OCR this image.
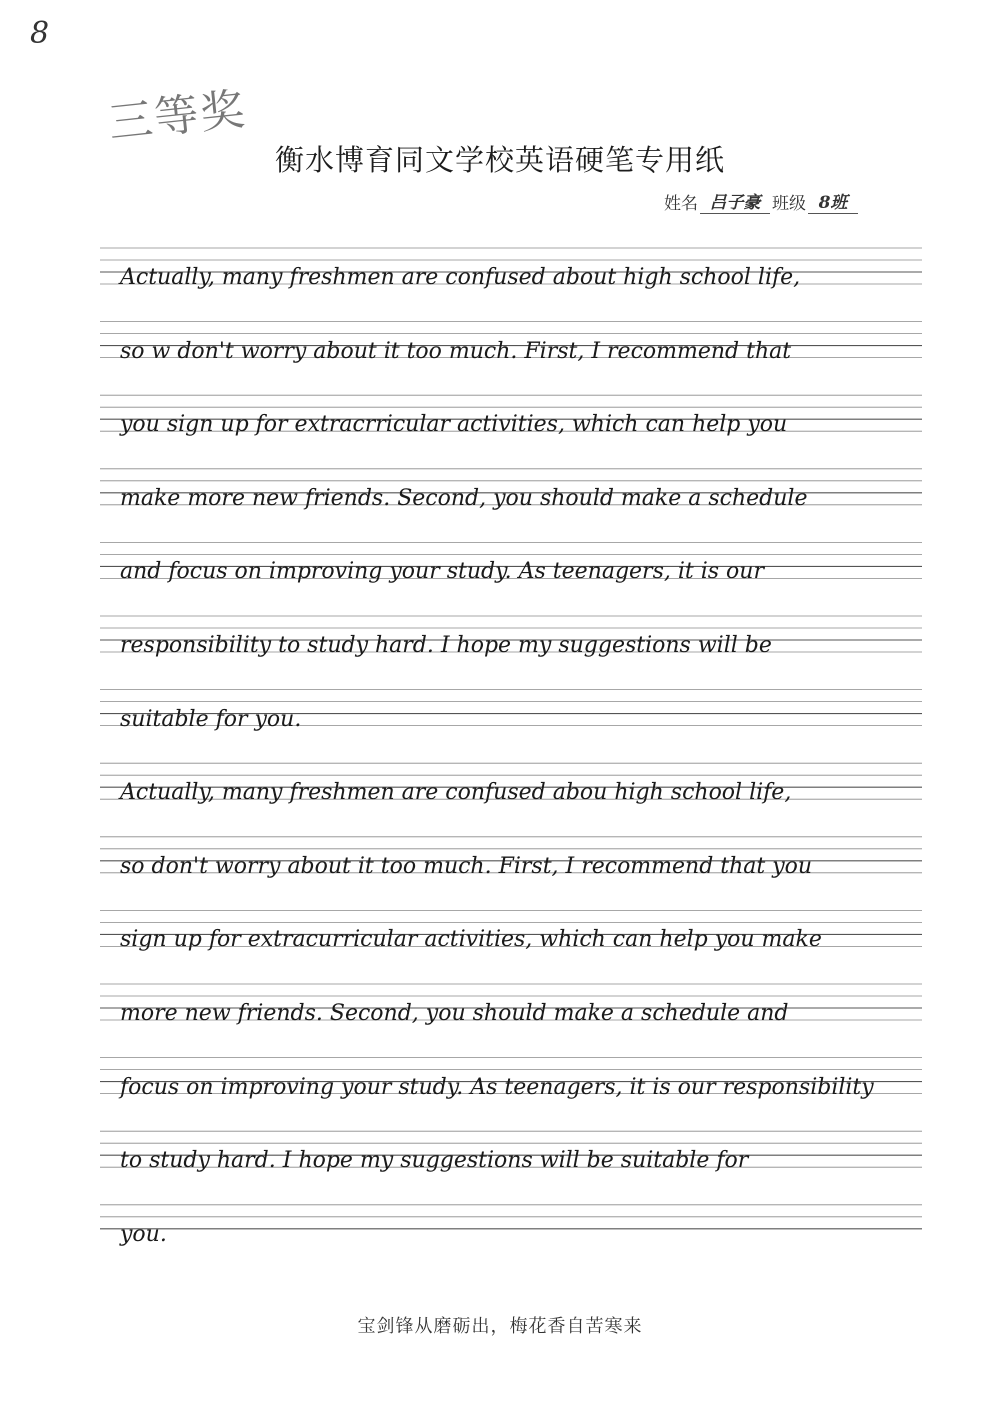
8
三等奖
衡水博育同文学校英语硬笔专用纸
姓名 吕子豪 班级 8班
Actually, many freshmen are confused about high school life,
so w don't worry about it too much. First, I recommend that
you sign up for extracrricular activities, which can help you
make more new friends. Second, you should make a schedule
and focus on improving your study. As teenagers, it is our
responsibility to study hard. I hope my suggestions will be
suitable for you.
Actually, many freshmen are confused abou high school life,
so don't worry about it too much. First, I recommend that you
sign up for extracurricular activities, which can help you make
more new friends. Second, you should make a schedule and
focus on improving your study. As teenagers, it is our responsibility
to study hard. I hope my suggestions will be suitable for
you.
宝剑锋从磨砺出，梅花香自苦寒来
